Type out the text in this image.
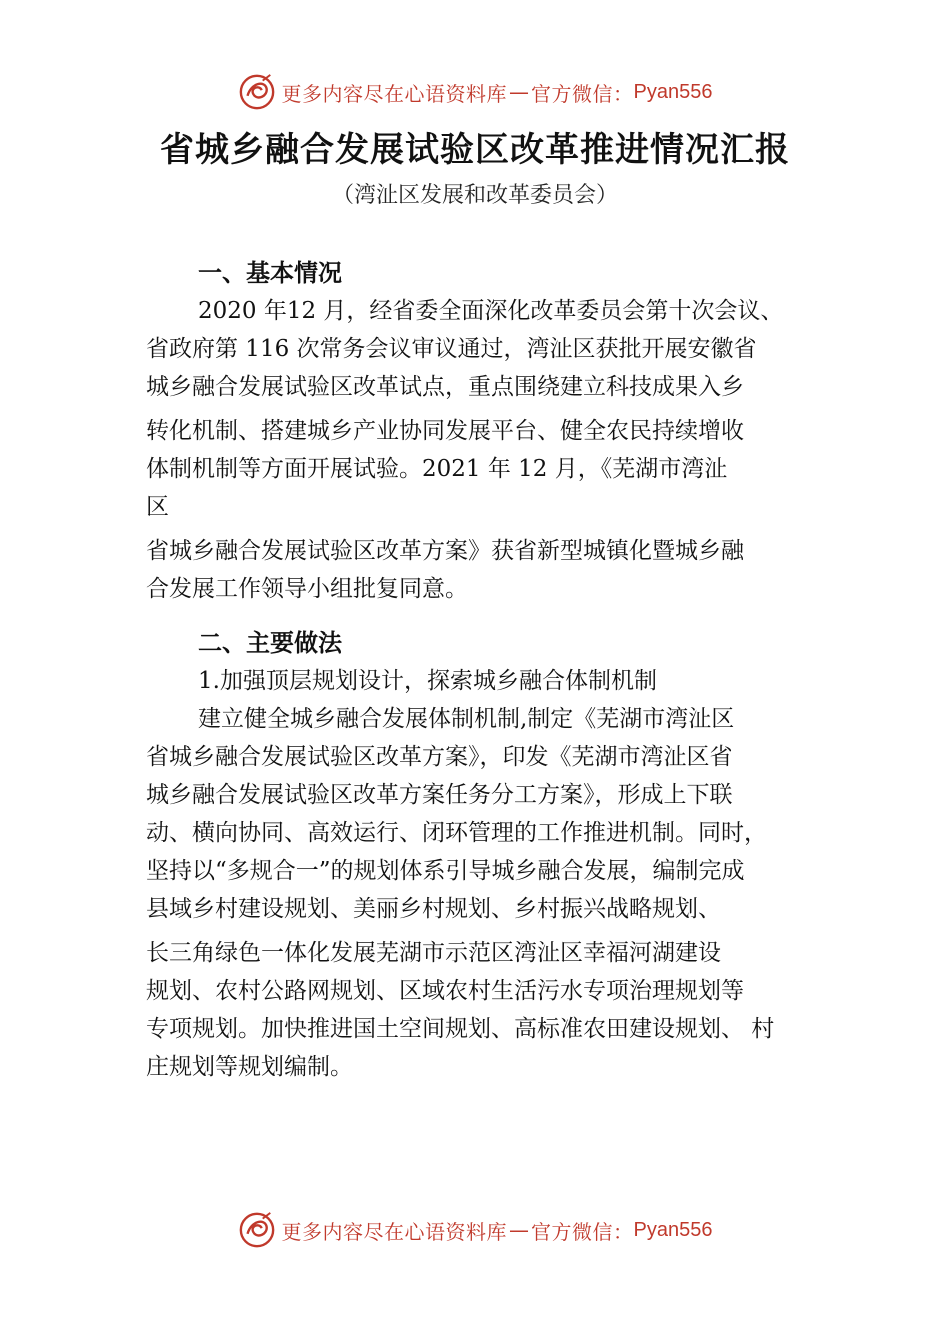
更多内容尽在心语资料库 — 官方微信： Pyan556
省城乡融合发展试验区改革推进情况汇报
（湾沚区发展和改革委员会）
一、基本情况

2020 年12 月，经省委全面深化改革委员会第十次会议、

省政府第 116 次常务会议审议通过，湾沚区获批开展安徽省

城乡融合发展试验区改革试点，重点围绕建立科技成果入乡

转化机制、搭建城乡产业协同发展平台、健全农民持续增收

体制机制等方面开展试验。2021 年 12 月，《芜湖市湾沚

区

省城乡融合发展试验区改革方案》获省新型城镇化暨城乡融

合发展工作领导小组批复同意。

二、主要做法

1.加强顶层规划设计，探索城乡融合体制机制

建立健全城乡融合发展体制机制,制定《芜湖市湾沚区

省城乡融合发展试验区改革方案》，印发《芜湖市湾沚区省

城乡融合发展试验区改革方案任务分工方案》，形成上下联

动、横向协同、高效运行、闭环管理的工作推进机制。同时，

坚持以“多规合一”的规划体系引导城乡融合发展，编制完成

县域乡村建设规划、美丽乡村规划、乡村振兴战略规划、

长三角绿色一体化发展芜湖市示范区湾沚区幸福河湖建设

规划、农村公路网规划、区域农村生活污水专项治理规划等

专项规划。加快推进国土空间规划、高标准农田建设规划、 村

庄规划等规划编制。

更多内容尽在心语资料库 — 官方微信： Pyan556
